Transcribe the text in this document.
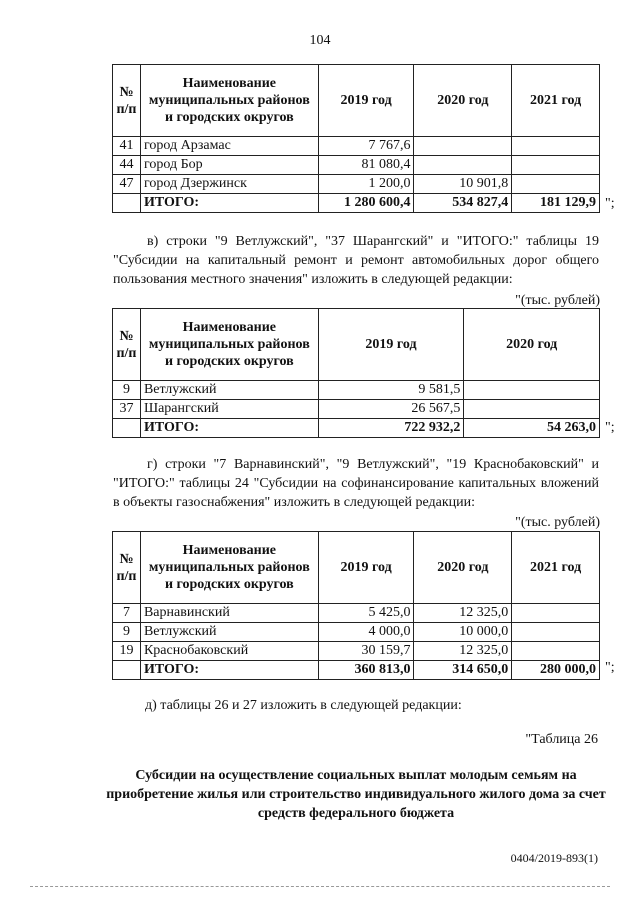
104
№ п/п	Наименование муниципальных районов и городских округов	2019 год	2020 год	2021 год
41	город Арзамас	7 767,6		
44	город Бор	81 080,4		
47	город Дзержинск	1 200,0	10 901,8	
	ИТОГО:	1 280 600,4	534 827,4	181 129,9 ";
в) строки "9 Ветлужский", "37 Шарангский" и "ИТОГО:" таблицы 19 "Субсидии на капитальный ремонт и ремонт автомобильных дорог общего пользования местного значения" изложить в следующей редакции:
"(тыс. рублей)
№ п/п	Наименование муниципальных районов и городских округов	2019 год	2020 год
9	Ветлужский	9 581,5	
37	Шарангский	26 567,5	
	ИТОГО:	722 932,2	54 263,0 ";
г) строки "7 Варнавинский", "9 Ветлужский", "19 Краснобаковский" и "ИТОГО:" таблицы 24 "Субсидии на софинансирование капитальных вложений в объекты газоснабжения" изложить в следующей редакции:
"(тыс. рублей)
№ п/п	Наименование муниципальных районов и городских округов	2019 год	2020 год	2021 год
7	Варнавинский	5 425,0	12 325,0	
9	Ветлужский	4 000,0	10 000,0	
19	Краснобаковский	30 159,7	12 325,0	
	ИТОГО:	360 813,0	314 650,0	280 000,0 ";
д) таблицы 26 и 27 изложить в следующей редакции:
"Таблица 26
Субсидии на осуществление социальных выплат молодым семьям на приобретение жилья или строительство индивидуального жилого дома за счет средств федерального бюджета
0404/2019-893(1)
